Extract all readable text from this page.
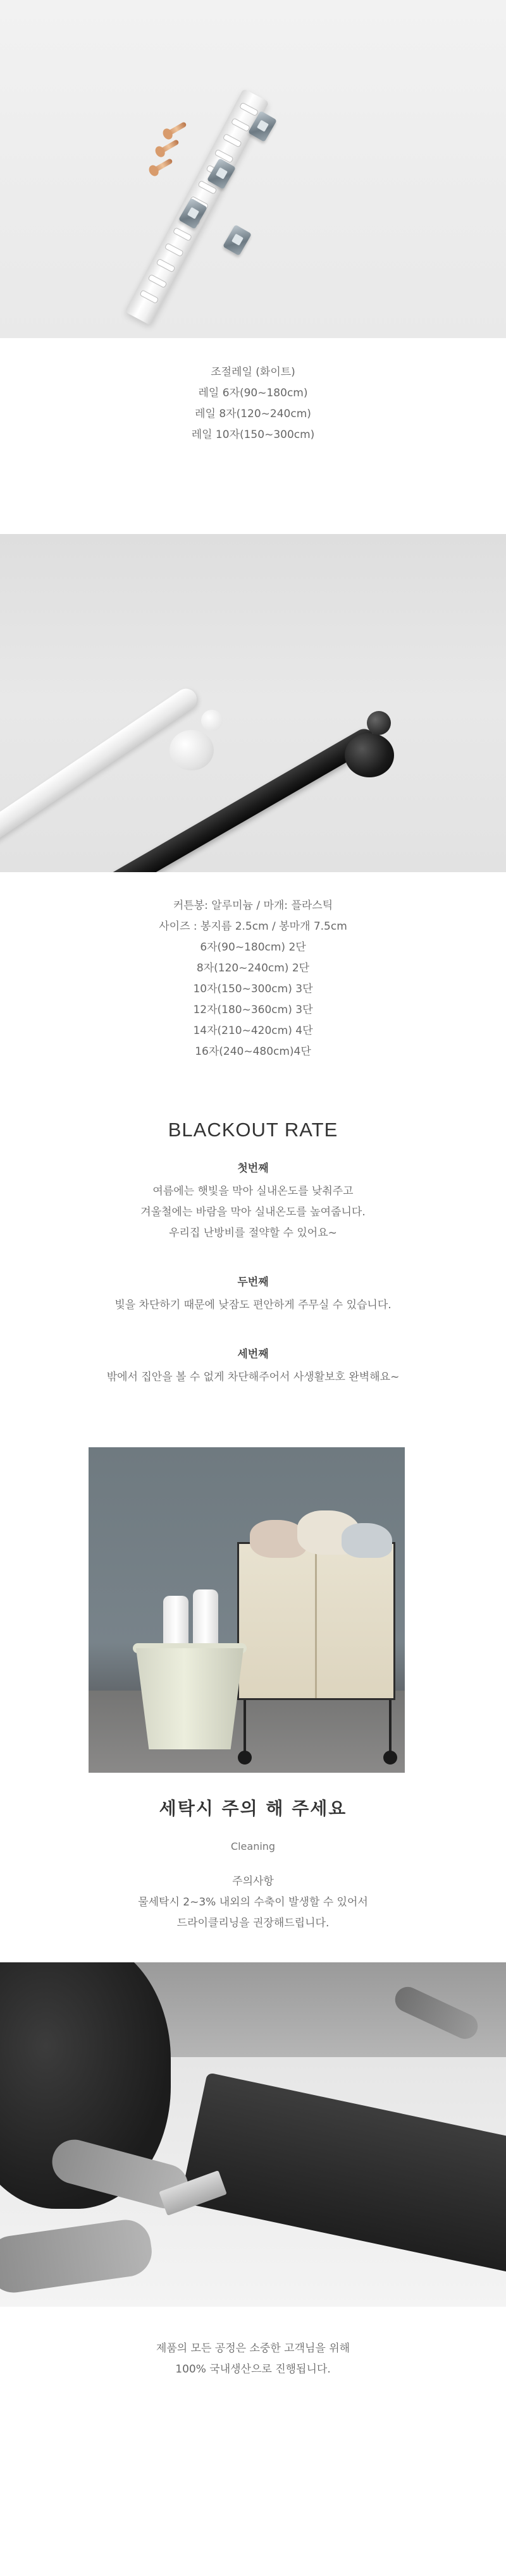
조절레일 (화이트)

레일 6자(90~180cm)

레일 8자(120~240cm)

레일 10자(150~300cm)

커튼봉: 알루미늄 / 마개: 플라스틱

사이즈 : 봉지름 2.5cm / 봉마개 7.5cm

6자(90~180cm) 2단

8자(120~240cm) 2단

10자(150~300cm) 3단

12자(180~360cm) 3단

14자(210~420cm) 4단

16자(240~480cm)4단

BLACKOUT RATE

첫번째

여름에는 햇빛을 막아 실내온도를 낮춰주고

겨울철에는 바람을 막아 실내온도를 높여줍니다.

우리집 난방비를 절약할 수 있어요~

두번째

빛을 차단하기 때문에 낮잠도 편안하게 주무실 수 있습니다.

세번째

밖에서 집안을 볼 수 없게 차단해주어서 사생활보호 완벽해요~

세탁시 주의 해 주세요

Cleaning

주의사항

물세탁시 2~3% 내외의 수축이 발생할 수 있어서

드라이클리닝을 권장해드립니다.

제품의 모든 공정은 소중한 고객님을 위해

100% 국내생산으로 진행됩니다.
